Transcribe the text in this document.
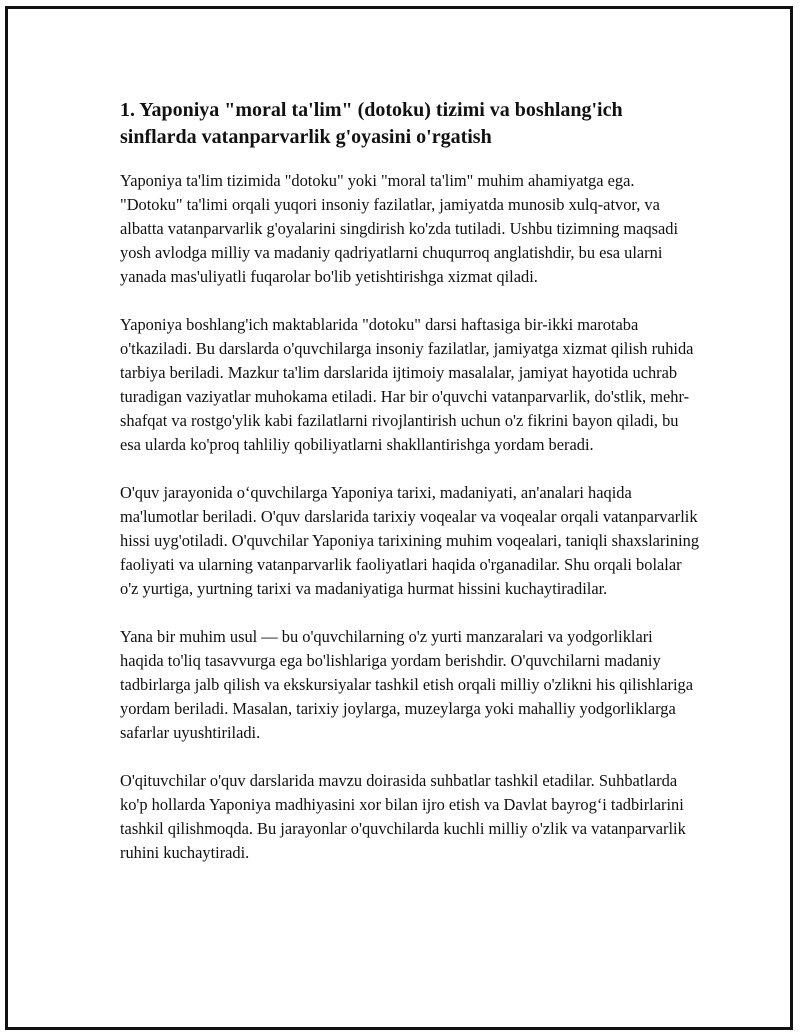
1. Yaponiya "moral ta'lim" (dotoku) tizimi va boshlang'ich sinflarda vatanparvarlik g'oyasini o'rgatish

Yaponiya ta'lim tizimida "dotoku" yoki "moral ta'lim" muhim ahamiyatga ega. "Dotoku" ta'limi orqali yuqori insoniy fazilatlar, jamiyatda munosib xulq-atvor, va albatta vatanparvarlik g'oyalarini singdirish ko'zda tutiladi. Ushbu tizimning maqsadi yosh avlodga milliy va madaniy qadriyatlarni chuqurroq anglatishdir, bu esa ularni yanada mas'uliyatli fuqarolar bo'lib yetishtirishga xizmat qiladi.

Yaponiya boshlang'ich maktablarida "dotoku" darsi haftasiga bir-ikki marotaba o'tkaziladi. Bu darslarda o'quvchilarga insoniy fazilatlar, jamiyatga xizmat qilish ruhida tarbiya beriladi. Mazkur ta'lim darslarida ijtimoiy masalalar, jamiyat hayotida uchrab turadigan vaziyatlar muhokama etiladi. Har bir o'quvchi vatanparvarlik, do'stlik, mehr-shafqat va rostgo'ylik kabi fazilatlarni rivojlantirish uchun o'z fikrini bayon qiladi, bu esa ularda ko'proq tahliliy qobiliyatlarni shakllantirishga yordam beradi.

O'quv jarayonida o‘quvchilarga Yaponiya tarixi, madaniyati, an'analari haqida ma'lumotlar beriladi. O'quv darslarida tarixiy voqealar va voqealar orqali vatanparvarlik hissi uyg'otiladi. O'quvchilar Yaponiya tarixining muhim voqealari, taniqli shaxslarining faoliyati va ularning vatanparvarlik faoliyatlari haqida o'rganadilar. Shu orqali bolalar o'z yurtiga, yurtning tarixi va madaniyatiga hurmat hissini kuchaytiradilar.

Yana bir muhim usul — bu o'quvchilarning o'z yurti manzaralari va yodgorliklari haqida to'liq tasavvurga ega bo'lishlariga yordam berishdir. O'quvchilarni madaniy tadbirlarga jalb qilish va ekskursiyalar tashkil etish orqali milliy o'zlikni his qilishlariga yordam beriladi. Masalan, tarixiy joylarga, muzeylarga yoki mahalliy yodgorliklarga safarlar uyushtiriladi.

O'qituvchilar o'quv darslarida mavzu doirasida suhbatlar tashkil etadilar. Suhbatlarda ko'p hollarda Yaponiya madhiyasini xor bilan ijro etish va Davlat bayrog‘i tadbirlarini tashkil qilishmoqda. Bu jarayonlar o'quvchilarda kuchli milliy o'zlik va vatanparvarlik ruhini kuchaytiradi.
